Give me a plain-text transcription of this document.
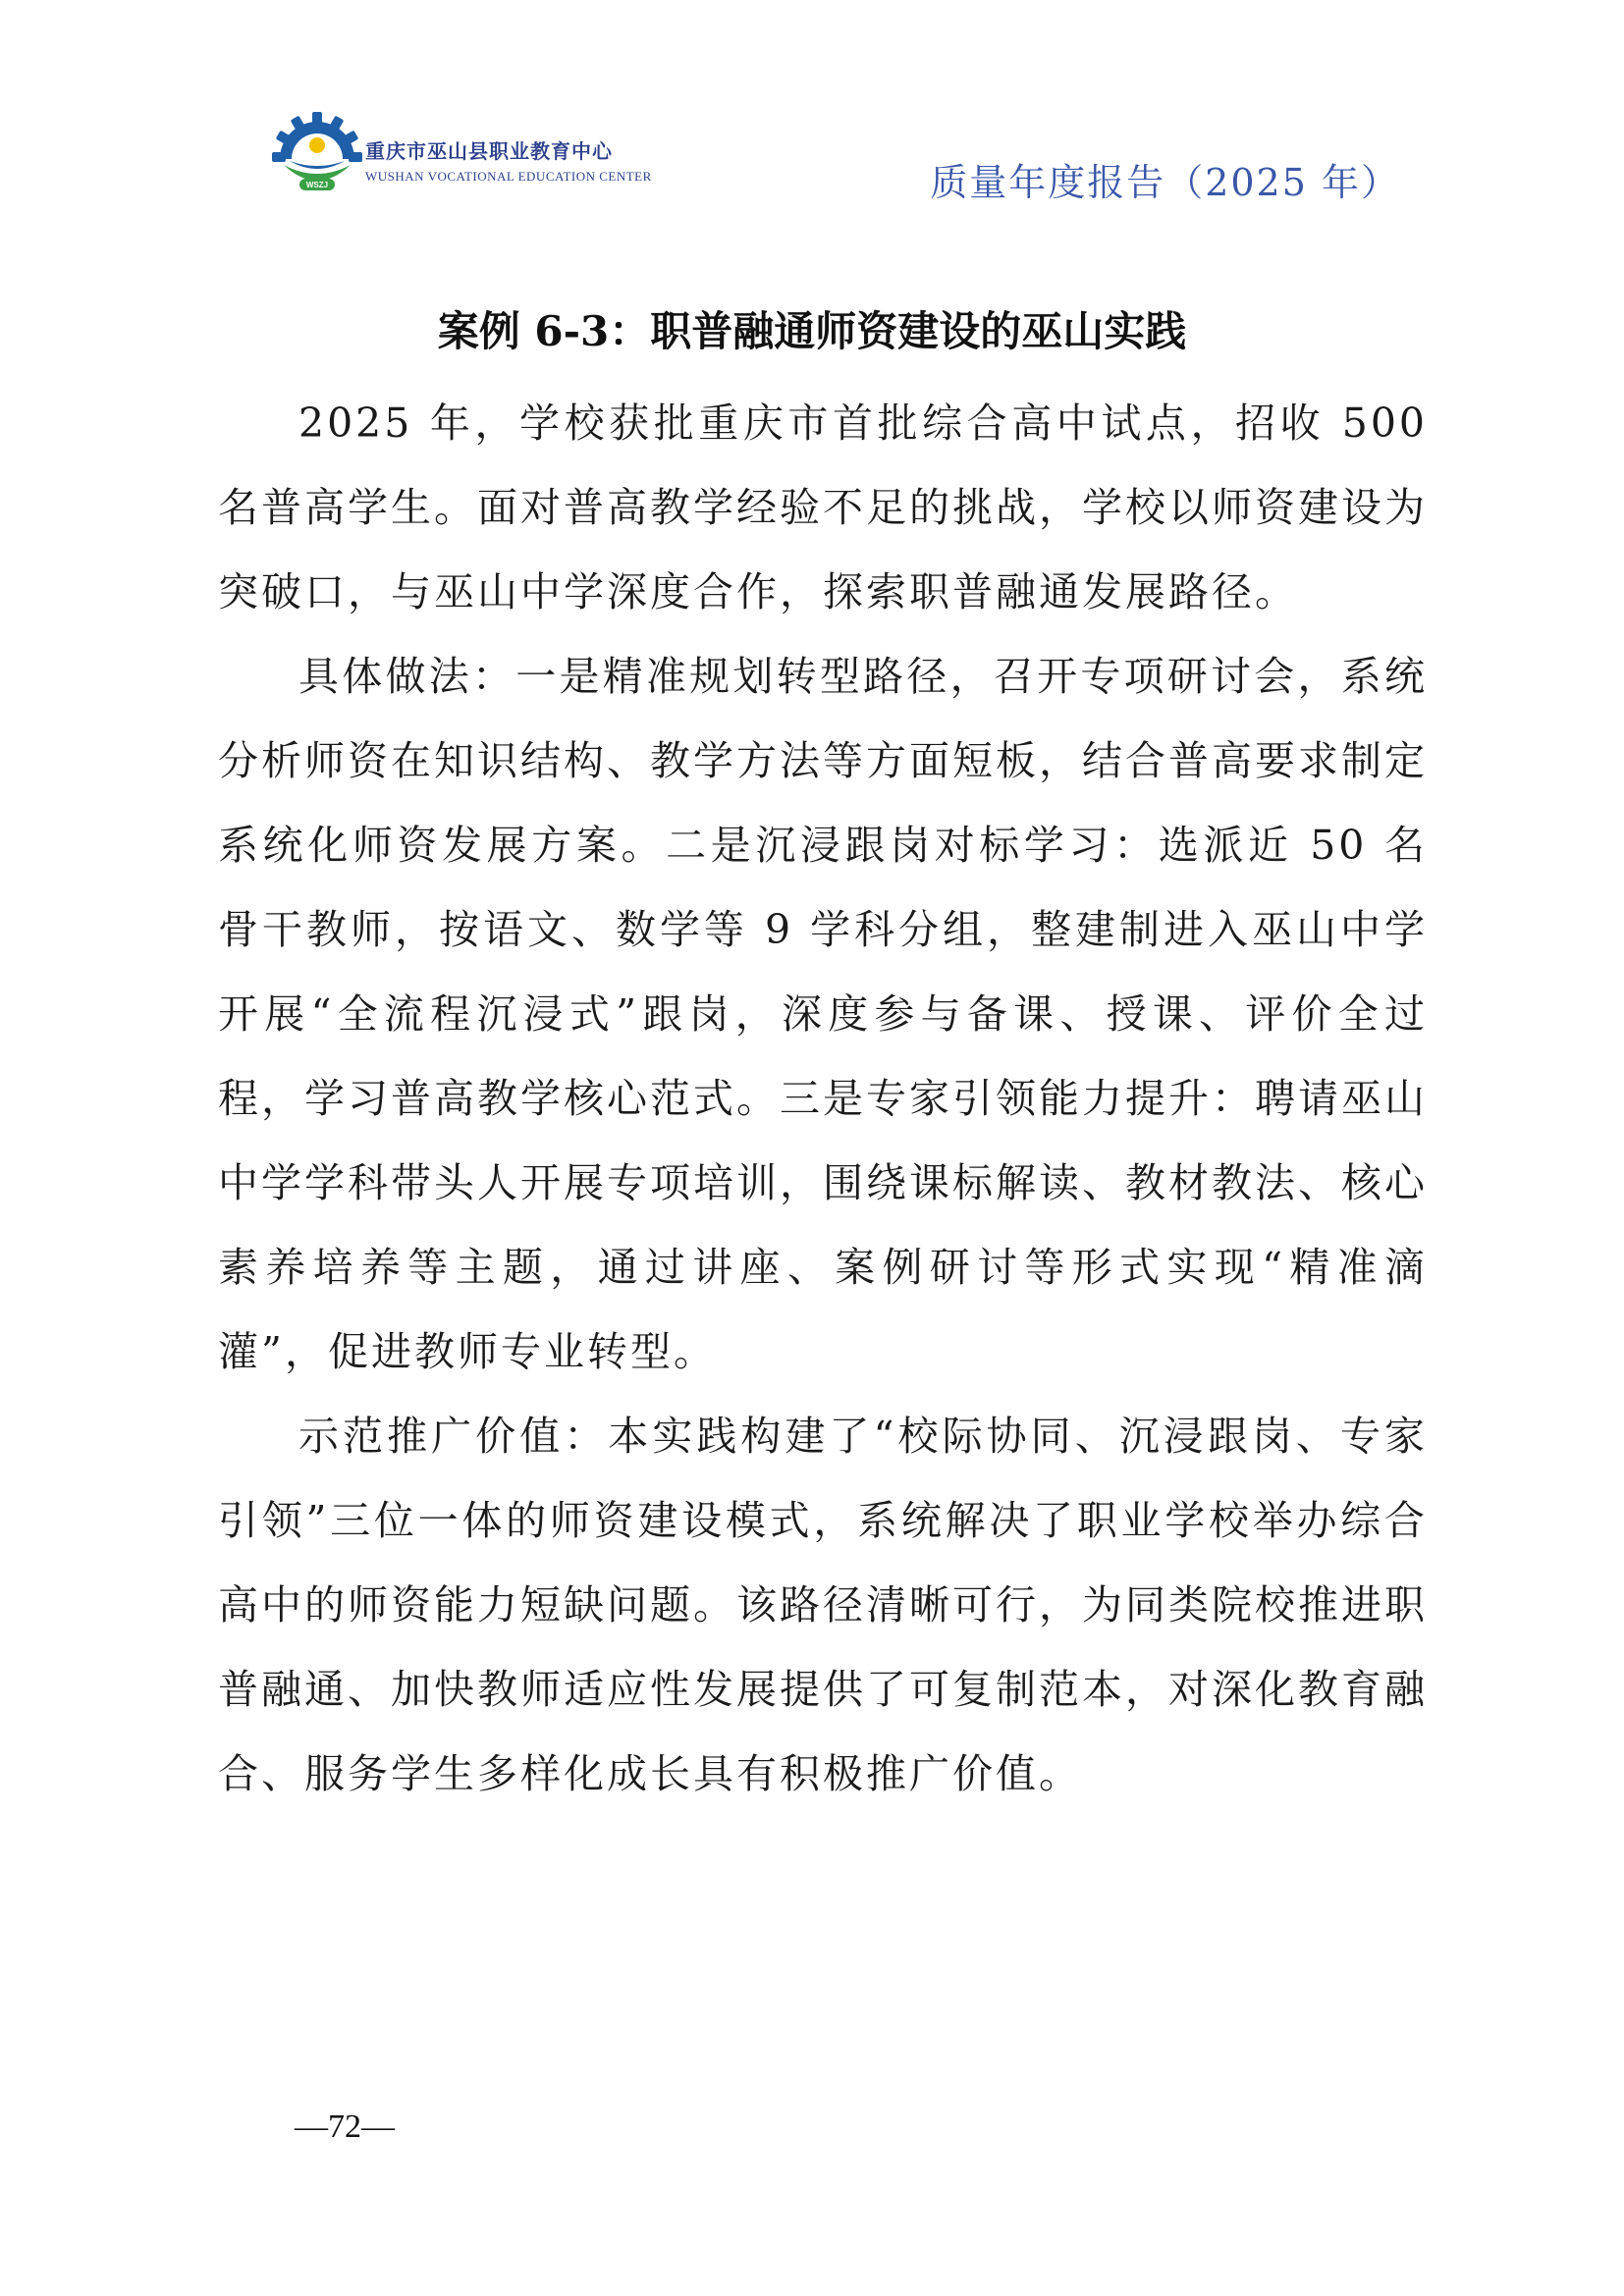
WSZJ
重庆市巫山县职业教育中心
WUSHAN VOCATIONAL EDUCATION CENTER	质量年度报告（2025 年）
案例 6-3：职普融通师资建设的巫山实践

2025 年，学校获批重庆市首批综合高中试点，招收 500 名普高学生。面对普高教学经验不足的挑战，学校以师资建设为突破口，与巫山中学深度合作，探索职普融通发展路径。

具体做法：一是精准规划转型路径，召开专项研讨会，系统分析师资在知识结构、教学方法等方面短板，结合普高要求制定系统化师资发展方案。二是沉浸跟岗对标学习：选派近 50 名骨干教师，按语文、数学等 9 学科分组，整建制进入巫山中学开展“全流程沉浸式”跟岗，深度参与备课、授课、评价全过程，学习普高教学核心范式。三是专家引领能力提升：聘请巫山中学学科带头人开展专项培训，围绕课标解读、教材教法、核心素养培养等主题，通过讲座、案例研讨等形式实现“精准滴灌”，促进教师专业转型。

示范推广价值：本实践构建了“校际协同、沉浸跟岗、专家引领”三位一体的师资建设模式，系统解决了职业学校举办综合高中的师资能力短缺问题。该路径清晰可行，为同类院校推进职普融通、加快教师适应性发展提供了可复制范本，对深化教育融合、服务学生多样化成长具有积极推广价值。

—72—
